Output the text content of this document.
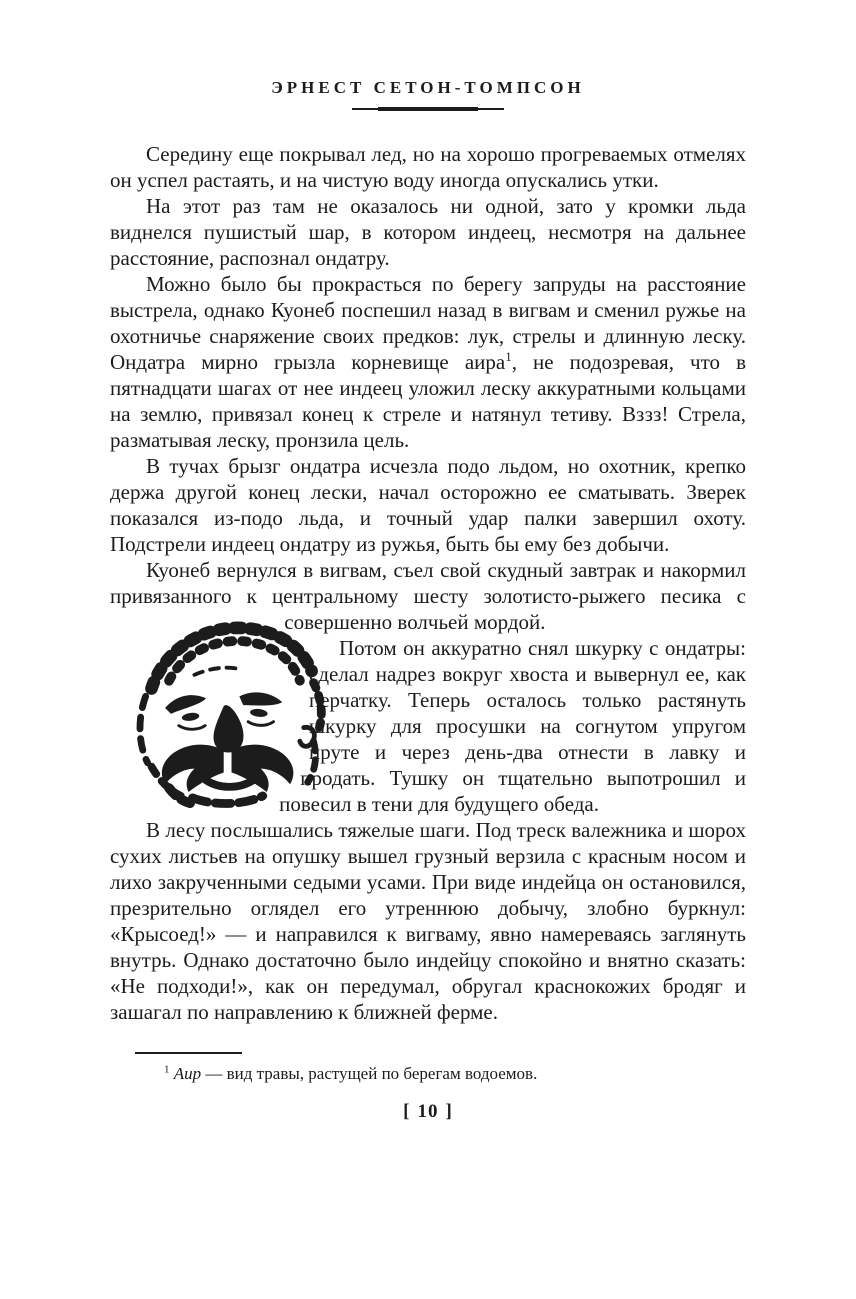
ЭРНЕСТ СЕТОН-ТОМПСОН

Середину еще покрывал лед, но на хорошо прогреваемых отмелях он успел растаять, и на чистую воду иногда опускались утки.

На этот раз там не оказалось ни одной, зато у кромки льда виднелся пушистый шар, в котором индеец, несмотря на дальнее расстояние, распознал ондатру.

Можно было бы прокрасться по берегу запруды на расстояние выстрела, однако Куонеб поспешил назад в вигвам и сменил ружье на охотничье снаряжение своих предков: лук, стрелы и длинную леску. Ондатра мирно грызла корневище аира$^1$, не подозревая, что в пятнадцати шагах от нее индеец уложил леску аккуратными кольцами на землю, привязал конец к стреле и натянул тетиву. Вззз! Стрела, разматывая леску, пронзила цель.

В тучах брызг ондатра исчезла подо льдом, но охотник, крепко держа другой конец лески, начал осторожно ее сматывать. Зверек показался из-подо льда, и точный удар палки завершил охоту. Подстрели индеец ондатру из ружья, быть бы ему без добычи.

Куонеб вернулся в вигвам, съел свой скудный завтрак и накормил привязанного к центральному шесту золотисто-рыжего песика с совершенно волчьей мордой.

Потом он аккуратно снял шкурку с ондатры: сделал надрез вокруг хвоста и вывернул ее, как перчатку. Теперь осталось только растянуть шкурку для просушки на согнутом упругом пруте и через день-два отнести в лавку и продать. Тушку он тщательно выпотрошил и повесил в тени для будущего обеда.

В лесу послышались тяжелые шаги. Под треск валежника и шорох сухих листьев на опушку вышел грузный верзила с красным носом и лихо закрученными седыми усами. При виде индейца он остановился, презрительно оглядел его утреннюю добычу, злобно буркнул: «Крысоед!» — и направился к вигваму, явно намереваясь заглянуть внутрь. Однако достаточно было индейцу спокойно и внятно сказать: «Не подходи!», как он передумал, обругал краснокожих бродяг и зашагал по направлению к ближней ферме.

$^1$ Аир — вид травы, растущей по берегам водоемов.
[ 10 ]
